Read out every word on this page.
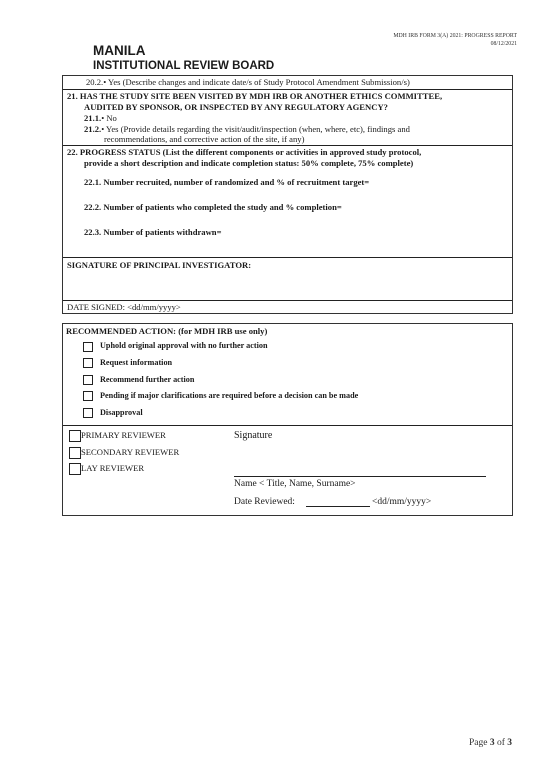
MDH IRB FORM 3(A) 2021: PROGRESS REPORT
08/12/2021
MANILA
INSTITUTIONAL REVIEW BOARD
20.2.• Yes (Describe changes and indicate date/s of Study Protocol Amendment Submission/s)
21. HAS THE STUDY SITE BEEN VISITED BY MDH IRB OR ANOTHER ETHICS COMMITTEE,
AUDITED BY SPONSOR, OR INSPECTED BY ANY REGULATORY AGENCY?
21.1.• No
21.2.• Yes (Provide details regarding the visit/audit/inspection (when, where, etc), findings and
recommendations, and corrective action of the site, if any)
22. PROGRESS STATUS (List the different components or activities in approved study protocol,
provide a short description and indicate completion status: 50% complete, 75% complete)
22.1. Number recruited, number of randomized and % of recruitment target=
22.2. Number of patients who completed the study and % completion=
22.3. Number of patients withdrawn=
SIGNATURE OF PRINCIPAL INVESTIGATOR:
DATE SIGNED: <dd/mm/yyyy>
RECOMMENDED ACTION: (for MDH IRB use only)
Uphold original approval with no further action
Request information
Recommend further action
Pending if major clarifications are required before a decision can be made
Disapproval
PRIMARY REVIEWER
SECONDARY REVIEWER
LAY REVIEWER
Signature
Name < Title, Name, Surname>
Date Reviewed:	<dd/mm/yyyy>
Page 3 of 3
